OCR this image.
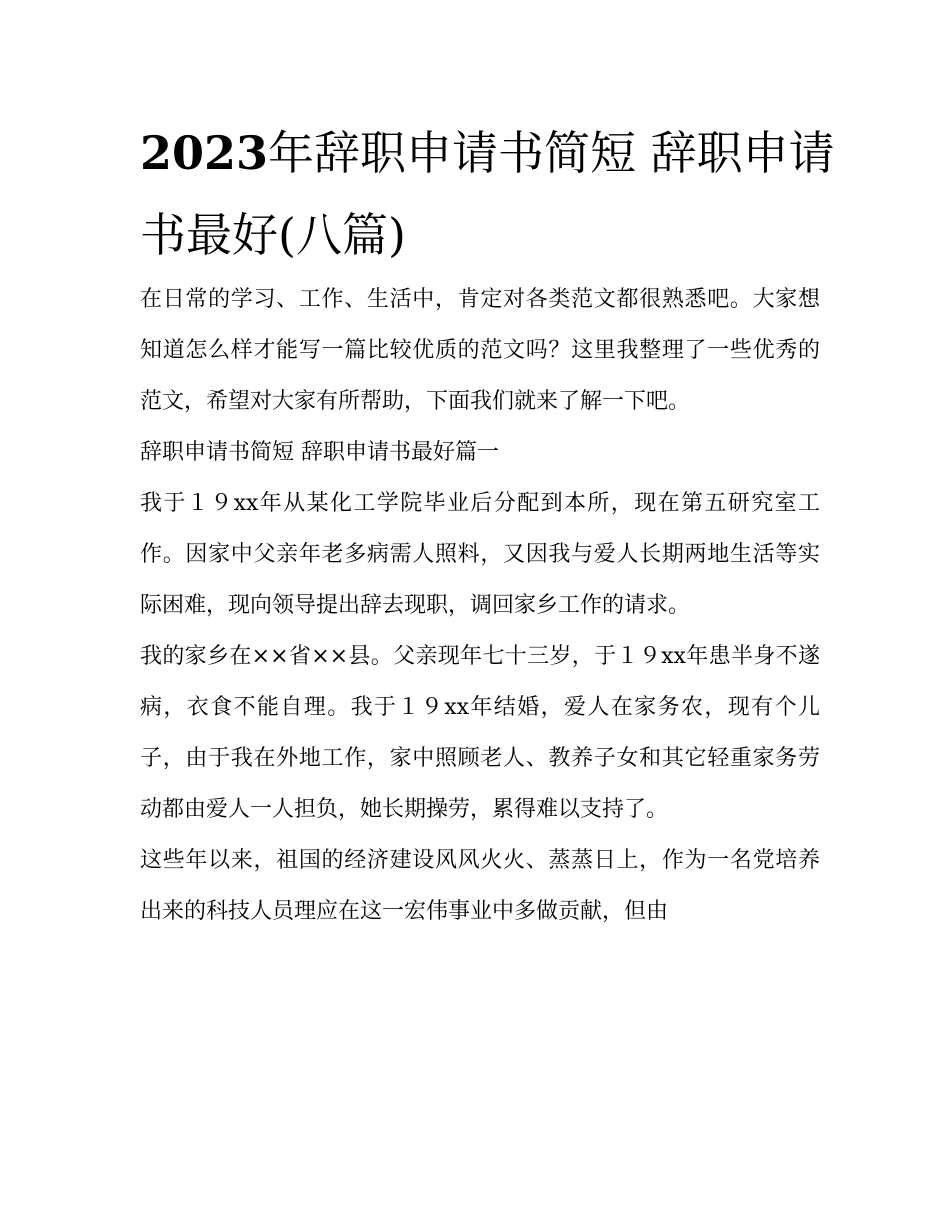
2023年辞职申请书简短 辞职申请书最好(八篇)

在日常的学习、工作、生活中，肯定对各类范文都很熟悉吧。大家想知道怎么样才能写一篇比较优质的范文吗？这里我整理了一些优秀的范文，希望对大家有所帮助，下面我们就来了解一下吧。

辞职申请书简短 辞职申请书最好篇一

我于１９xx年从某化工学院毕业后分配到本所，现在第五研究室工作。因家中父亲年老多病需人照料，又因我与爱人长期两地生活等实际困难，现向领导提出辞去现职，调回家乡工作的请求。

我的家乡在××省××县。父亲现年七十三岁，于１９xx年患半身不遂病，衣食不能自理。我于１９xx年结婚，爱人在家务农，现有个儿子，由于我在外地工作，家中照顾老人、教养子女和其它轻重家务劳动都由爱人一人担负，她长期操劳，累得难以支持了。

这些年以来，祖国的经济建设风风火火、蒸蒸日上，作为一名党培养出来的科技人员理应在这一宏伟事业中多做贡献，但由
